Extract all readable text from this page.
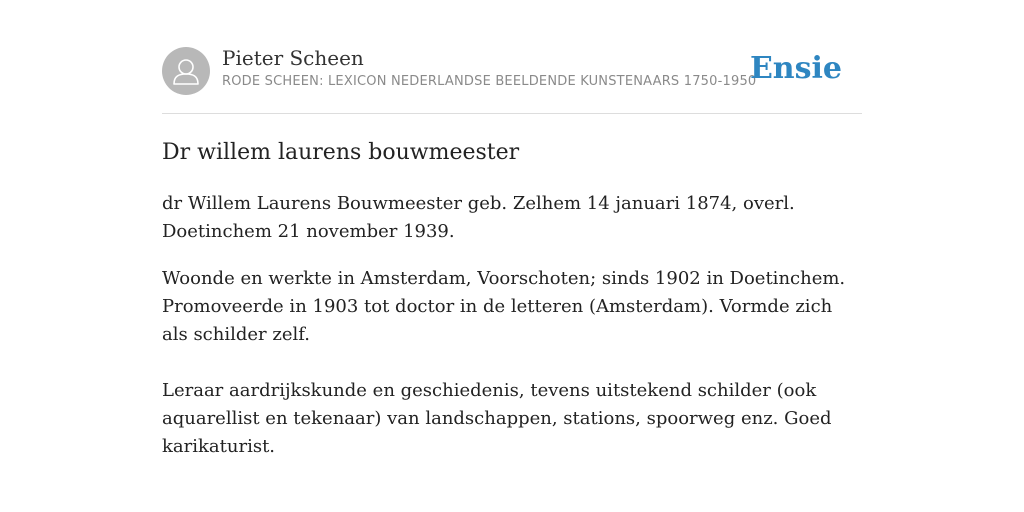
Pieter Scheen
RODE SCHEEN: LEXICON NEDERLANDSE BEELDENDE KUNSTENAARS 1750-1950
Ensie
Dr willem laurens bouwmeester

dr Willem Laurens Bouwmeester geb. Zelhem 14 januari 1874, overl. Doetinchem 21 november 1939.

Woonde en werkte in Amsterdam, Voorschoten; sinds 1902 in Doetinchem. Promoveerde in 1903 tot doctor in de letteren (Amsterdam). Vormde zich als schilder zelf.

Leraar aardrijkskunde en geschiedenis, tevens uitstekend schilder (ook aquarellist en tekenaar) van landschappen, stations, spoorweg enz. Goed karikaturist.
